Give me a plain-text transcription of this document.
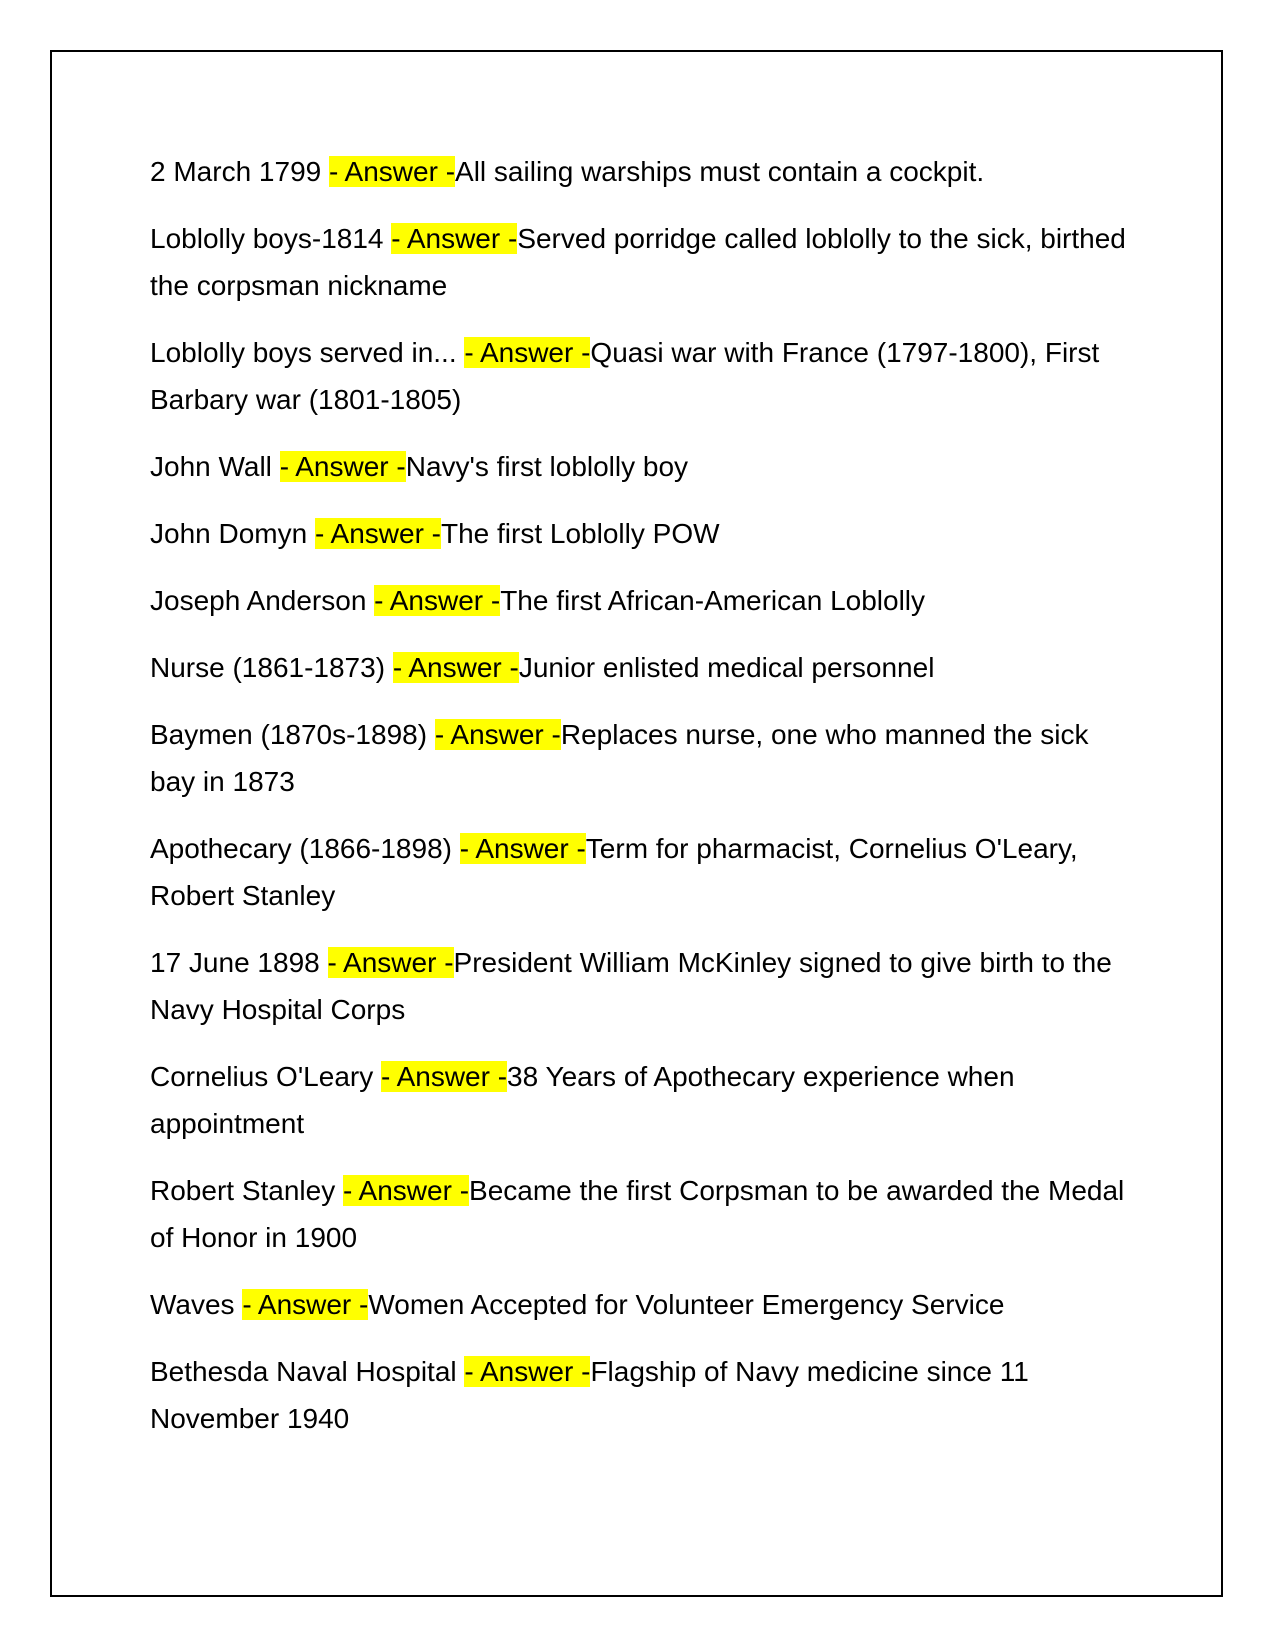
2 March 1799 - Answer -All sailing warships must contain a cockpit.

Loblolly boys-1814 - Answer -Served porridge called loblolly to the sick, birthed the corpsman nickname

Loblolly boys served in... - Answer -Quasi war with France (1797-1800), First Barbary war (1801-1805)

John Wall - Answer -Navy's first loblolly boy

John Domyn - Answer -The first Loblolly POW

Joseph Anderson - Answer -The first African-American Loblolly

Nurse (1861-1873) - Answer -Junior enlisted medical personnel

Baymen (1870s-1898) - Answer -Replaces nurse, one who manned the sick bay in 1873

Apothecary (1866-1898) - Answer -Term for pharmacist, Cornelius O'Leary, Robert Stanley

17 June 1898 - Answer -President William McKinley signed to give birth to the Navy Hospital Corps

Cornelius O'Leary - Answer -38 Years of Apothecary experience when appointment

Robert Stanley - Answer -Became the first Corpsman to be awarded the Medal of Honor in 1900

Waves - Answer -Women Accepted for Volunteer Emergency Service

Bethesda Naval Hospital - Answer -Flagship of Navy medicine since 11 November 1940
